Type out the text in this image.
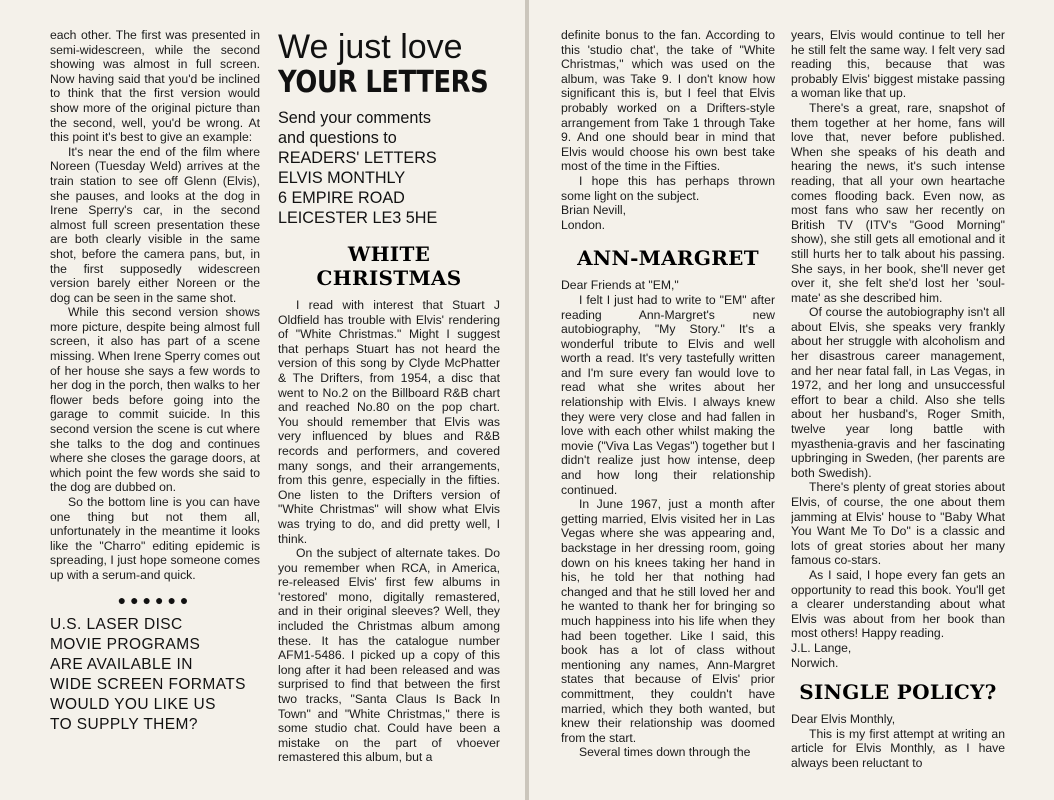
each other. The first was presented in semi-widescreen, while the second showing was almost in full screen. Now having said that you'd be inclined to think that the first version would show more of the original picture than the second, well, you'd be wrong. At this point it's best to give an example:

It's near the end of the film where Noreen (Tuesday Weld) arrives at the train station to see off Glenn (Elvis), she pauses, and looks at the dog in Irene Sperry's car, in the second almost full screen presentation these are both clearly visible in the same shot, before the camera pans, but, in the first supposedly widescreen version barely either Noreen or the dog can be seen in the same shot.

While this second version shows more picture, despite being almost full screen, it also has part of a scene missing. When Irene Sperry comes out of her house she says a few words to her dog in the porch, then walks to her flower beds before going into the garage to commit suicide. In this second version the scene is cut where she talks to the dog and continues where she closes the garage doors, at which point the few words she said to the dog are dubbed on.

So the bottom line is you can have one thing but not them all, unfortunately in the meantime it looks like the "Charro" editing epidemic is spreading, I just hope someone comes up with a serum-and quick.

●●●●●●
U.S. LASER DISC
MOVIE PROGRAMS
ARE AVAILABLE IN
WIDE SCREEN FORMATS
WOULD YOU LIKE US
TO SUPPLY THEM?
We just love
YOUR LETTERS
Send your comments
and questions to
READERS' LETTERS
ELVIS MONTHLY
6 EMPIRE ROAD
LEICESTER LE3 5HE
WHITE CHRISTMAS

I read with interest that Stuart J Oldfield has trouble with Elvis' rendering of "White Christmas." Might I suggest that perhaps Stuart has not heard the version of this song by Clyde McPhatter & The Drifters, from 1954, a disc that went to No.2 on the Billboard R&B chart and reached No.80 on the pop chart. You should remember that Elvis was very influenced by blues and R&B records and performers, and covered many songs, and their arrangements, from this genre, especially in the fifties. One listen to the Drifters version of "White Christmas" will show what Elvis was trying to do, and did pretty well, I think.

On the subject of alternate takes. Do you remember when RCA, in America, re-released Elvis' first few albums in 'restored' mono, digitally remastered, and in their original sleeves? Well, they included the Christmas album among these. It has the catalogue number AFM1-5486. I picked up a copy of this long after it had been released and was surprised to find that between the first two tracks, "Santa Claus Is Back In Town" and "White Christmas," there is some studio chat. Could have been a mistake on the part of vhoever remastered this album, but a

definite bonus to the fan. According to this 'studio chat', the take of "White Christmas," which was used on the album, was Take 9. I don't know how significant this is, but I feel that Elvis probably worked on a Drifters-style arrangement from Take 1 through Take 9. And one should bear in mind that Elvis would choose his own best take most of the time in the Fifties.

I hope this has perhaps thrown some light on the subject.

Brian Nevill,

London.

ANN-MARGRET

Dear Friends at "EM,"

I felt I just had to write to "EM" after reading Ann-Margret's new autobiography, "My Story." It's a wonderful tribute to Elvis and well worth a read. It's very tastefully written and I'm sure every fan would love to read what she writes about her relationship with Elvis. I always knew they were very close and had fallen in love with each other whilst making the movie ("Viva Las Vegas") together but I didn't realize just how intense, deep and how long their relationship continued.

In June 1967, just a month after getting married, Elvis visited her in Las Vegas where she was appearing and, backstage in her dressing room, going down on his knees taking her hand in his, he told her that nothing had changed and that he still loved her and he wanted to thank her for bringing so much happiness into his life when they had been together. Like I said, this book has a lot of class without mentioning any names, Ann-Margret states that because of Elvis' prior committment, they couldn't have married, which they both wanted, but knew their relationship was doomed from the start.

Several times down through the

years, Elvis would continue to tell her he still felt the same way. I felt very sad reading this, because that was probably Elvis' biggest mistake passing a woman like that up.

There's a great, rare, snapshot of them together at her home, fans will love that, never before published. When she speaks of his death and hearing the news, it's such intense reading, that all your own heartache comes flooding back. Even now, as most fans who saw her recently on British TV (ITV's "Good Morning" show), she still gets all emotional and it still hurts her to talk about his passing. She says, in her book, she'll never get over it, she felt she'd lost her 'soul-mate' as she described him.

Of course the autobiography isn't all about Elvis, she speaks very frankly about her struggle with alcoholism and her disastrous career management, and her near fatal fall, in Las Vegas, in 1972, and her long and unsuccessful effort to bear a child. Also she tells about her husband's, Roger Smith, twelve year long battle with myasthenia-gravis and her fascinating upbringing in Sweden, (her parents are both Swedish).

There's plenty of great stories about Elvis, of course, the one about them jamming at Elvis' house to "Baby What You Want Me To Do" is a classic and lots of great stories about her many famous co-stars.

As I said, I hope every fan gets an opportunity to read this book. You'll get a clearer understanding about what Elvis was about from her book than most others! Happy reading.

J.L. Lange,

Norwich.

SINGLE POLICY?

Dear Elvis Monthly,

This is my first attempt at writing an article for Elvis Monthly, as I have always been reluctant to
